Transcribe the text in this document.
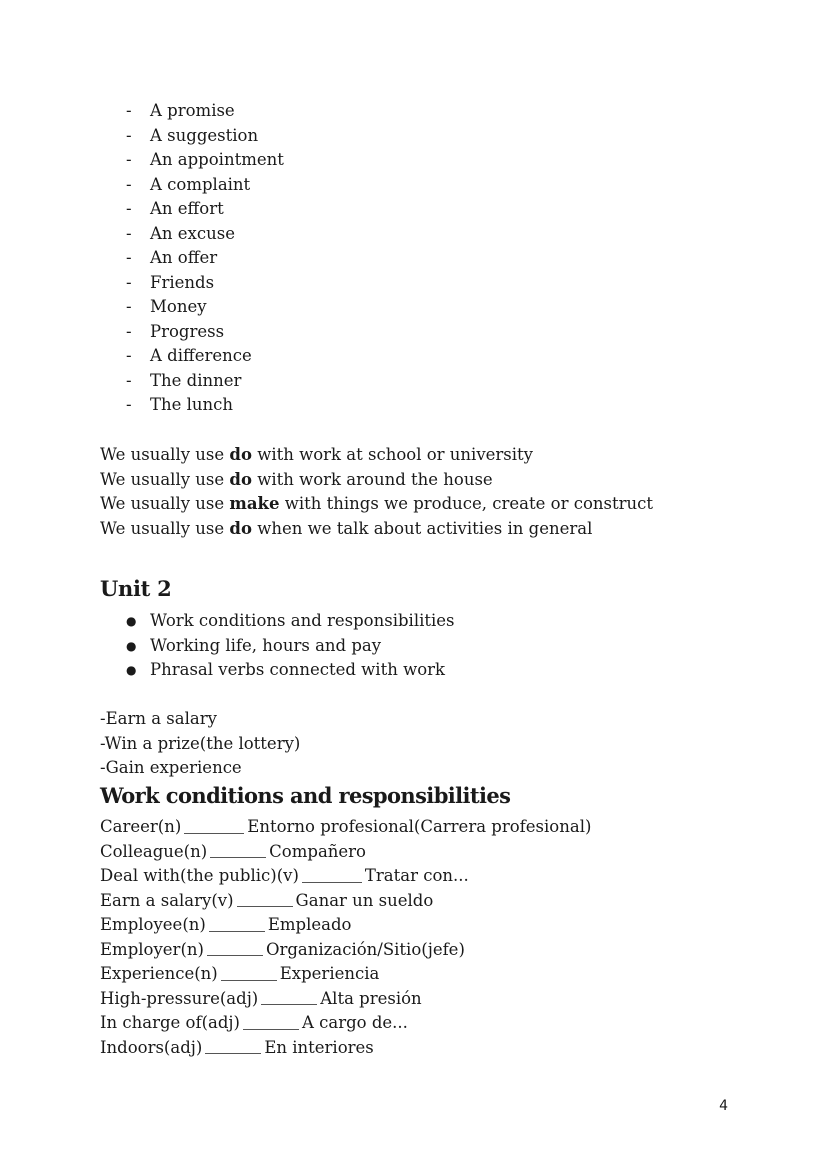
-	A promise
-	A suggestion
-	An appointment
-	A complaint
-	An effort
-	An excuse
-	An offer
-	Friends
-	Money
-	Progress
-	A difference
-	The dinner
-	The lunch

We usually use do with work at school or university

We usually use do with work around the house

We usually use make with things we produce, create or construct

We usually use do when we talk about activities in general

Unit 2
● Work conditions and responsibilities
● Working life, hours and pay
● Phrasal verbs connected with work

-Earn a salary

-Win a prize(the lottery)

-Gain experience

Work conditions and responsibilities
Career(n)	Entorno profesional(Carrera profesional)
Colleague(n)	Compañero
Deal with(the public)(v)	Tratar con...
Earn a salary(v)	Ganar un sueldo
Employee(n)	Empleado
Employer(n)	Organización/Sitio(jefe)
Experience(n)	Experiencia
High-pressure(adj)	Alta presión
In charge of(adj)	A cargo de...
Indoors(adj)	En interiores
4
